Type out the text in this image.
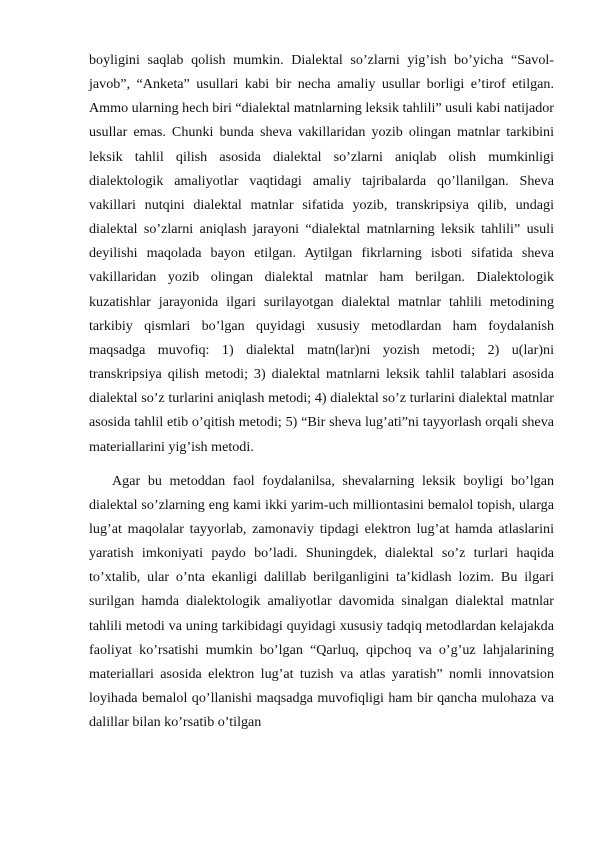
boyligini saqlab qolish mumkin. Dialektal so’zlarni yig’ish bo’yicha “Savol-javob”, “Anketa” usullari kabi bir necha amaliy usullar borligi e’tirof etilgan. Ammo ularning hech biri “dialektal matnlarning leksik tahlili” usuli kabi natijador usullar emas. Chunki bunda sheva vakillaridan yozib olingan matnlar tarkibini leksik tahlil qilish asosida dialektal so’zlarni aniqlab olish mumkinligi dialektologik amaliyotlar vaqtidagi amaliy tajribalarda qo’llanilgan. Sheva vakillari nutqini dialektal matnlar sifatida yozib, transkripsiya qilib, undagi dialektal so’zlarni aniqlash jarayoni “dialektal matnlarning leksik tahlili” usuli deyilishi maqolada bayon etilgan. Aytilgan fikrlarning isboti sifatida sheva vakillaridan yozib olingan dialektal matnlar ham berilgan. Dialektologik kuzatishlar jarayonida ilgari surilayotgan dialektal matnlar tahlili metodining tarkibiy qismlari bo’lgan quyidagi xususiy metodlardan ham foydalanish maqsadga muvofiq: 1) dialektal matn(lar)ni yozish metodi; 2) u(lar)ni transkripsiya qilish metodi; 3) dialektal matnlarni leksik tahlil talablari asosida dialektal so’z turlarini aniqlash metodi; 4) dialektal so’z turlarini dialektal matnlar asosida tahlil etib o’qitish metodi; 5) “Bir sheva lug’ati”ni tayyorlash orqali sheva materiallarini yig’ish metodi.

Agar bu metoddan faol foydalanilsa, shevalarning leksik boyligi bo’lgan dialektal so’zlarning eng kami ikki yarim-uch milliontasini bemalol topish, ularga lug’at maqolalar tayyorlab, zamonaviy tipdagi elektron lug’at hamda atlaslarini yaratish imkoniyati paydo bo’ladi. Shuningdek, dialektal so’z turlari haqida to’xtalib, ular o’nta ekanligi dalillab berilganligini ta’kidlash lozim. Bu ilgari surilgan hamda dialektologik amaliyotlar davomida sinalgan dialektal matnlar tahlili metodi va uning tarkibidagi quyidagi xususiy tadqiq metodlardan kelajakda faoliyat ko’rsatishi mumkin bo’lgan “Qarluq, qipchoq va o’g’uz lahjalarining materiallari asosida elektron lug’at tuzish va atlas yaratish” nomli innovatsion loyihada bemalol qo’llanishi maqsadga muvofiqligi ham bir qancha mulohaza va dalillar bilan ko’rsatib o’tilgan
